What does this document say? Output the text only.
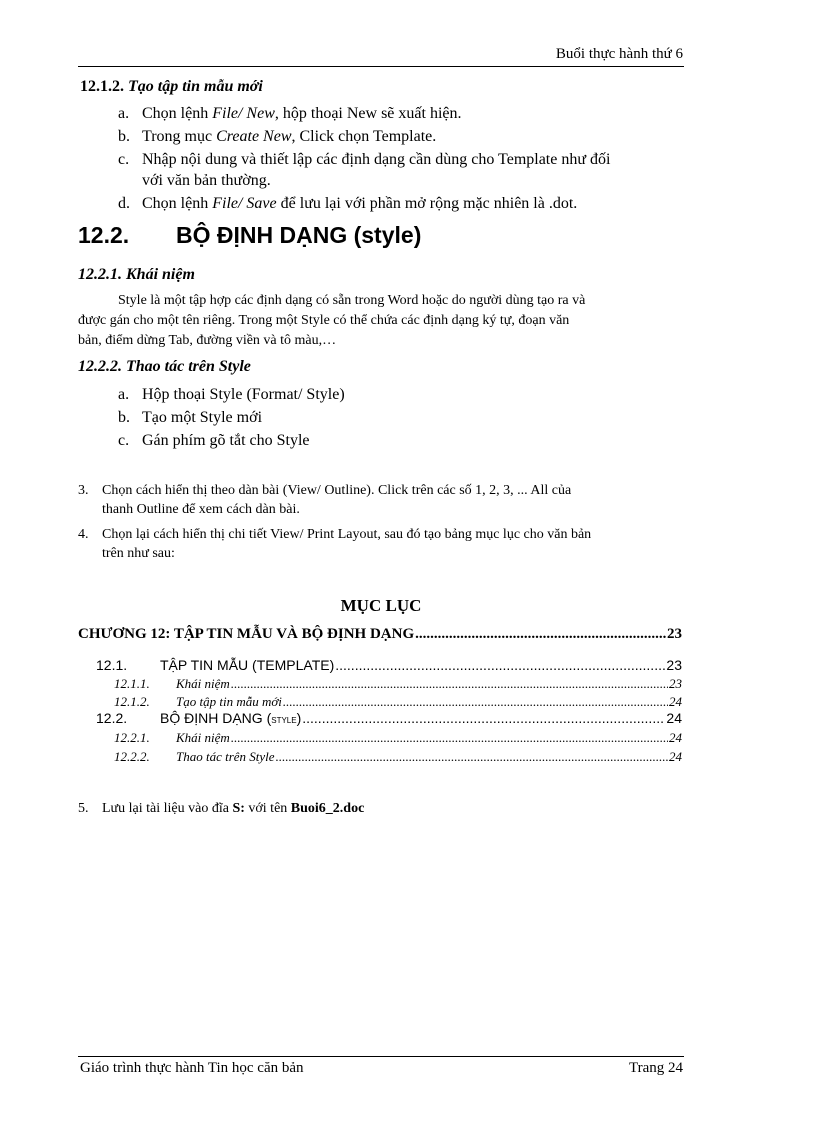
Buổi thực hành thứ 6
12.1.2. Tạo tập tin mẫu mới
a. Chọn lệnh File/ New, hộp thoại New sẽ xuất hiện.
b. Trong mục Create New, Click chọn Template.
c. Nhập nội dung và thiết lập các định dạng cần dùng cho Template như đối
với văn bản thường.
d. Chọn lệnh File/ Save để lưu lại với phần mở rộng mặc nhiên là .dot.
12.2. BỘ ĐỊNH DẠNG (style)
12.2.1. Khái niệm
Style là một tập hợp các định dạng có sẵn trong Word hoặc do người dùng tạo ra và
được gán cho một tên riêng. Trong một Style có thể chứa các định dạng ký tự, đoạn văn
bản, điểm dừng Tab, đường viền và tô màu,…
12.2.2. Thao tác trên Style
a. Hộp thoại Style (Format/ Style)
b. Tạo một Style mới
c. Gán phím gõ tắt cho Style
3. Chọn cách hiển thị theo dàn bài (View/ Outline). Click trên các số 1, 2, 3, ... All của
thanh Outline để xem cách dàn bài.
4. Chọn lại cách hiển thị chi tiết View/ Print Layout, sau đó tạo bảng mục lục cho văn bản
trên như sau:
MỤC LỤC
CHƯƠNG 12: TẬP TIN MẪU VÀ BỘ ĐỊNH DẠNG .....	23
12.1.	TẬP TIN MẪU (TEMPLATE) .....	23
12.1.1.	Khái niệm .....	23
12.1.2.	Tạo tập tin mẫu mới .....	24
12.2.	BỘ ĐỊNH DẠNG (style) .....	24
12.2.1.	Khái niệm .....	24
12.2.2.	Thao tác trên Style .....	24
5. Lưu lại tài liệu vào đĩa S: với tên Buoi6_2.doc
Giáo trình thực hành Tin học căn bản	Trang 24
